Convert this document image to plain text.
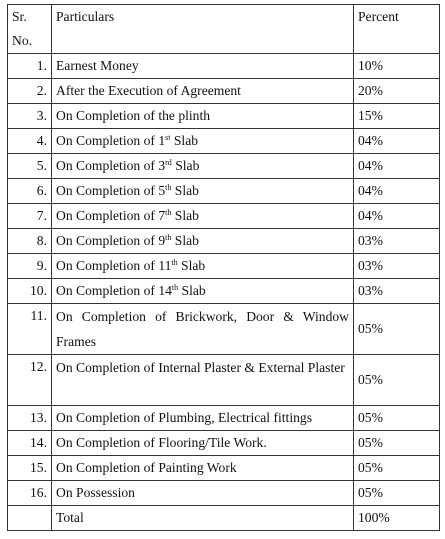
Sr. No.	Particulars	Percent
1.	Earnest Money	10%
2.	After the Execution of Agreement	20%
3.	On Completion of the plinth	15%
4.	On Completion of 1st Slab	04%
5.	On Completion of 3rd Slab	04%
6.	On Completion of 5th Slab	04%
7.	On Completion of 7th Slab	04%
8.	On Completion of 9th Slab	03%
9.	On Completion of 11th Slab	03%
10.	On Completion of 14th Slab	03%
11.	On Completion of Brickwork, Door & Window Frames	05%
12.	On Completion of Internal Plaster & External Plaster	05%
13.	On Completion of Plumbing, Electrical fittings	05%
14.	On Completion of Flooring/Tile Work.	05%
15.	On Completion of Painting Work	05%
16.	On Possession	05%
	Total	100%
